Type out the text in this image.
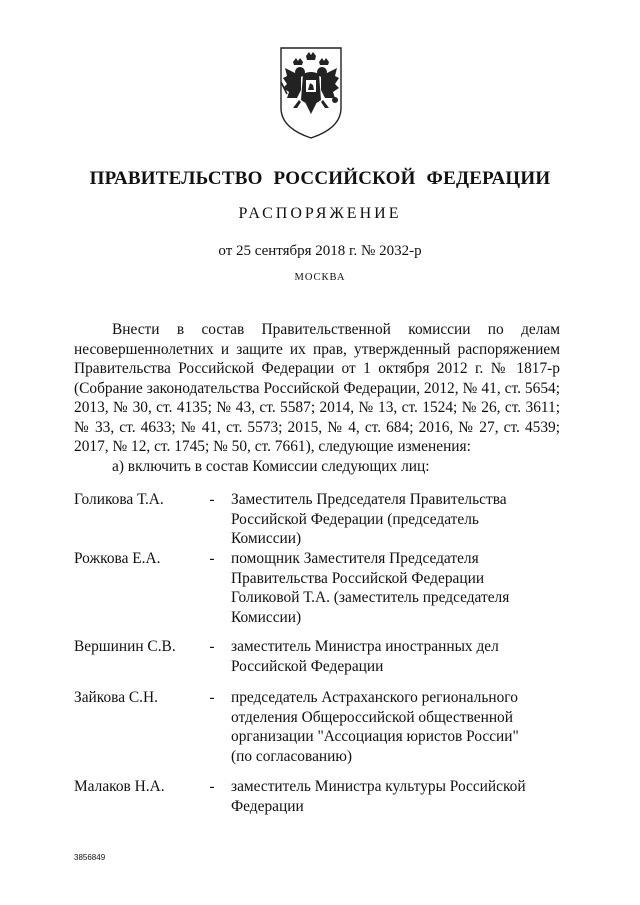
ПРАВИТЕЛЬСТВО РОССИЙСКОЙ ФЕДЕРАЦИИ
РАСПОРЯЖЕНИЕ
от 25 сентября 2018 г. № 2032-р
МОСКВА

Внести в состав Правительственной комиссии по делам несовершеннолетних и защите их прав, утвержденный распоряжением Правительства Российской Федерации от 1 октября 2012 г. № 1817-р (Собрание законодательства Российской Федерации, 2012, № 41, ст. 5654; 2013, № 30, ст. 4135; № 43, ст. 5587; 2014, № 13, ст. 1524; № 26, ст. 3611; № 33, ст. 4633; № 41, ст. 5573; 2015, № 4, ст. 684; 2016, № 27, ст. 4539; 2017, № 12, ст. 1745; № 50, ст. 7661), следующие изменения:

а) включить в состав Комиссии следующих лиц:

Голикова Т.А.	- Заместитель Председателя Правительства Российской Федерации (председатель Комиссии)
Рожкова Е.А.	- помощник Заместителя Председателя Правительства Российской Федерации Голиковой Т.А. (заместитель председателя Комиссии)
Вершинин С.В.	- заместитель Министра иностранных дел Российской Федерации
Зайкова С.Н.	- председатель Астраханского регионального отделения Общероссийской общественной организации "Ассоциация юристов России" (по согласованию)
Малаков Н.А.	- заместитель Министра культуры Российской Федерации
3856849
